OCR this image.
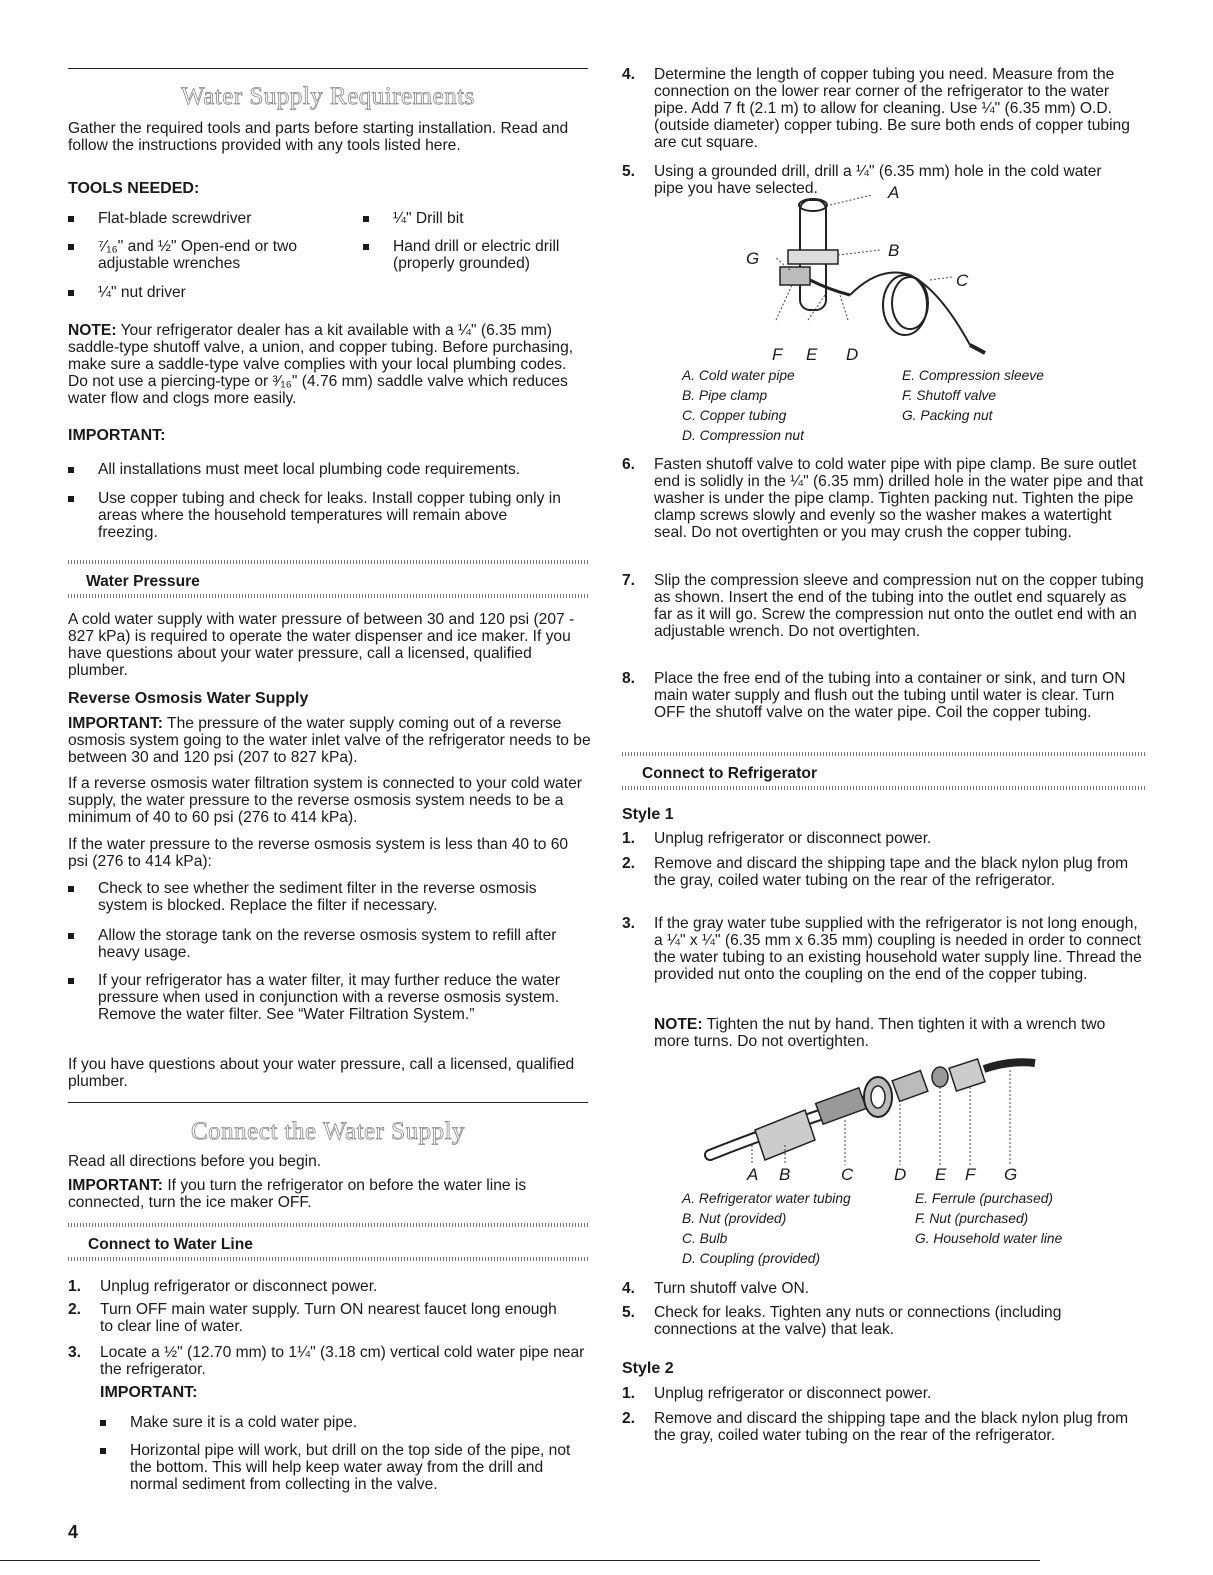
Water Supply Requirements

Gather the required tools and parts before starting installation. Read and follow the instructions provided with any tools listed here.

TOOLS NEEDED:
Flat-blade screwdriver	¼" Drill bit
⁷⁄₁₆" and ½" Open-end or two adjustable wrenches
Hand drill or electric drill (properly grounded)
¼" nut driver

NOTE: Your refrigerator dealer has a kit available with a ¼" (6.35 mm) saddle-type shutoff valve, a union, and copper tubing. Before purchasing, make sure a saddle-type valve complies with your local plumbing codes. Do not use a piercing-type or ³⁄₁₆" (4.76 mm) saddle valve which reduces water flow and clogs more easily.

IMPORTANT:
All installations must meet local plumbing code requirements.
Use copper tubing and check for leaks. Install copper tubing only in areas where the household temperatures will remain above freezing.
Water Pressure

A cold water supply with water pressure of between 30 and 120 psi (207 - 827 kPa) is required to operate the water dispenser and ice maker. If you have questions about your water pressure, call a licensed, qualified plumber.

Reverse Osmosis Water Supply

IMPORTANT: The pressure of the water supply coming out of a reverse osmosis system going to the water inlet valve of the refrigerator needs to be between 30 and 120 psi (207 to 827 kPa).

If a reverse osmosis water filtration system is connected to your cold water supply, the water pressure to the reverse osmosis system needs to be a minimum of 40 to 60 psi (276 to 414 kPa).

If the water pressure to the reverse osmosis system is less than 40 to 60 psi (276 to 414 kPa):

Check to see whether the sediment filter in the reverse osmosis system is blocked. Replace the filter if necessary.
Allow the storage tank on the reverse osmosis system to refill after heavy usage.
If your refrigerator has a water filter, it may further reduce the water pressure when used in conjunction with a reverse osmosis system. Remove the water filter. See “Water Filtration System.”

If you have questions about your water pressure, call a licensed, qualified plumber.

Connect the Water Supply

Read all directions before you begin.

IMPORTANT: If you turn the refrigerator on before the water line is connected, turn the ice maker OFF.

Connect to Water Line
1. Unplug refrigerator or disconnect power.
2. Turn OFF main water supply. Turn ON nearest faucet long enough to clear line of water.
3. Locate a ½" (12.70 mm) to 1¼" (3.18 cm) vertical cold water pipe near the refrigerator.
IMPORTANT:
Make sure it is a cold water pipe.
Horizontal pipe will work, but drill on the top side of the pipe, not the bottom. This will help keep water away from the drill and normal sediment from collecting in the valve.
4
4. Determine the length of copper tubing you need. Measure from the connection on the lower rear corner of the refrigerator to the water pipe. Add 7 ft (2.1 m) to allow for cleaning. Use ¼" (6.35 mm) O.D. (outside diameter) copper tubing. Be sure both ends of copper tubing are cut square.
5. Using a grounded drill, drill a ¼" (6.35 mm) hole in the cold water pipe you have selected.	A
B
C
D
E
F
G
A. Cold water pipe
B. Pipe clamp
C. Copper tubing
D. Compression nut
E. Compression sleeve
F. Shutoff valve
G. Packing nut
6. Fasten shutoff valve to cold water pipe with pipe clamp. Be sure outlet end is solidly in the ¼" (6.35 mm) drilled hole in the water pipe and that washer is under the pipe clamp. Tighten packing nut. Tighten the pipe clamp screws slowly and evenly so the washer makes a watertight seal. Do not overtighten or you may crush the copper tubing.
7. Slip the compression sleeve and compression nut on the copper tubing as shown. Insert the end of the tubing into the outlet end squarely as far as it will go. Screw the compression nut onto the outlet end with an adjustable wrench. Do not overtighten.
8. Place the free end of the tubing into a container or sink, and turn ON main water supply and flush out the tubing until water is clear. Turn OFF the shutoff valve on the water pipe. Coil the copper tubing.
Connect to Refrigerator
Style 1
1. Unplug refrigerator or disconnect power.
2. Remove and discard the shipping tape and the black nylon plug from the gray, coiled water tubing on the rear of the refrigerator.
3. If the gray water tube supplied with the refrigerator is not long enough, a ¼" x ¼" (6.35 mm x 6.35 mm) coupling is needed in order to connect the water tubing to an existing household water supply line. Thread the provided nut onto the coupling on the end of the copper tubing.

NOTE: Tighten the nut by hand. Then tighten it with a wrench two more turns. Do not overtighten.

A B	C D E F G
A. Refrigerator water tubing
B. Nut (provided)
C. Bulb
D. Coupling (provided)
E. Ferrule (purchased)
F. Nut (purchased)
G. Household water line
4. Turn shutoff valve ON.
5. Check for leaks. Tighten any nuts or connections (including connections at the valve) that leak.
Style 2
1. Unplug refrigerator or disconnect power.
2. Remove and discard the shipping tape and the black nylon plug from the gray, coiled water tubing on the rear of the refrigerator.
